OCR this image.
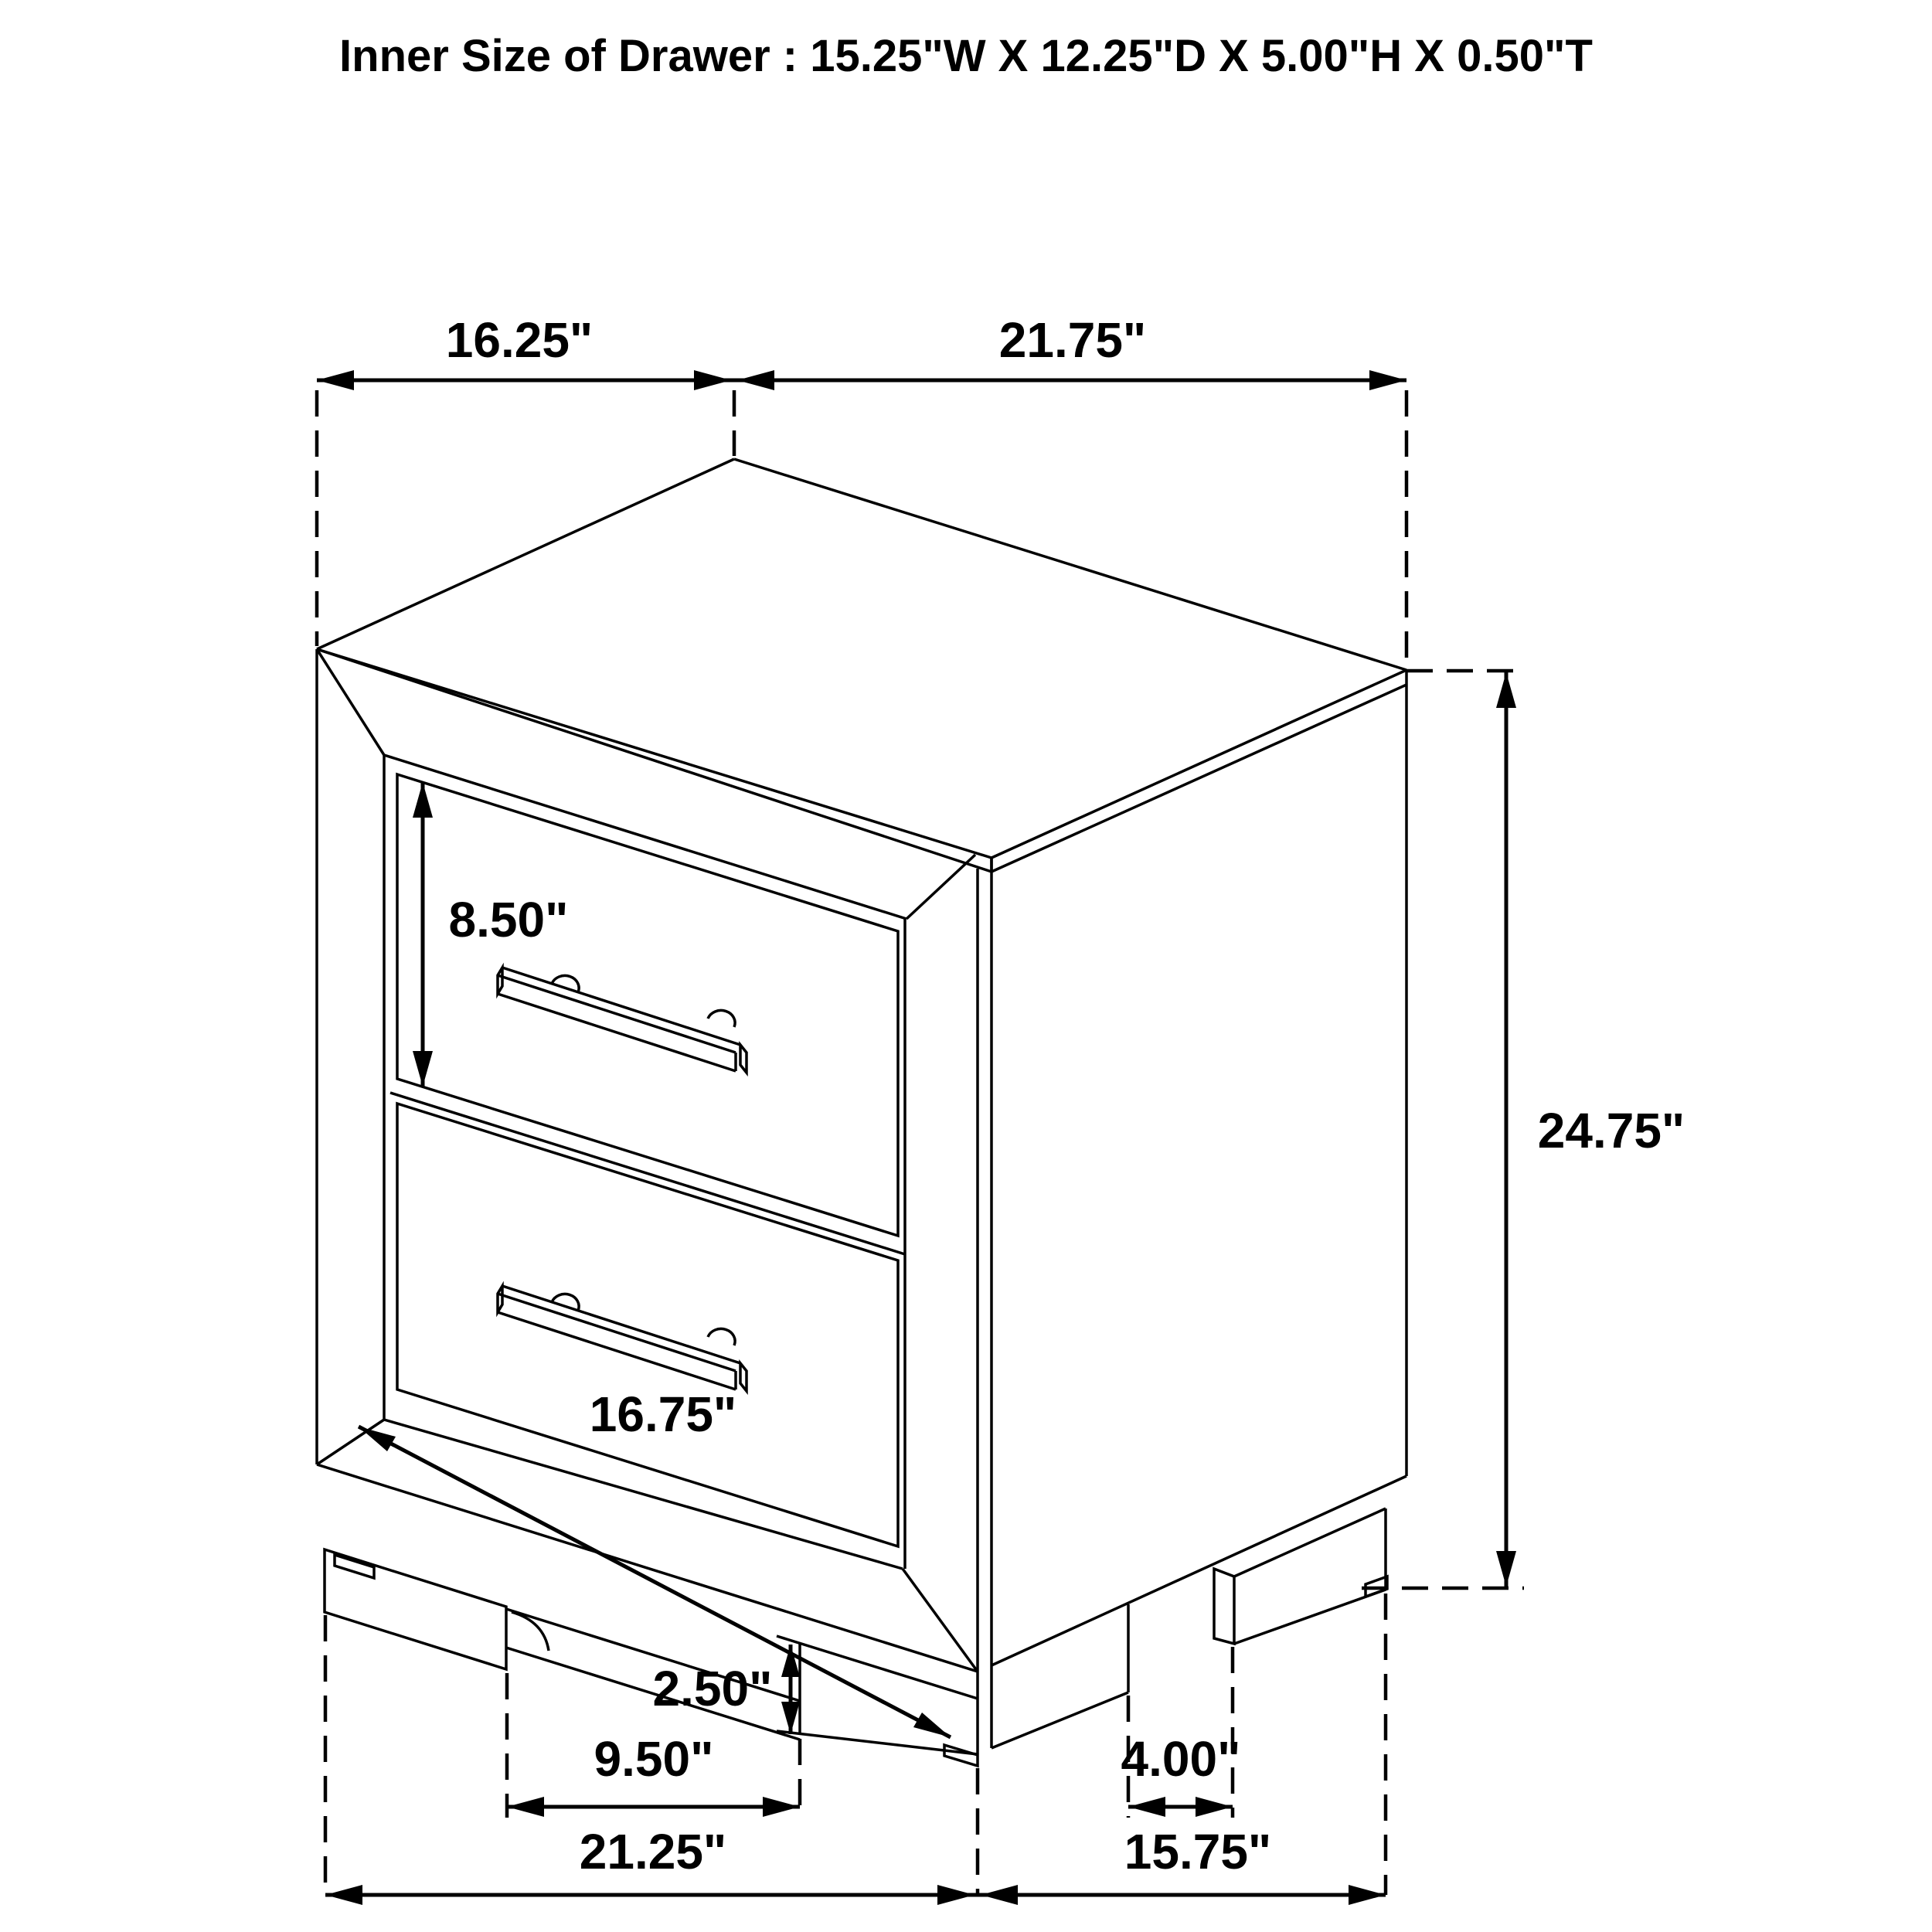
Inner Size of Drawer : 15.25"W X 12.25"D X 5.00"H X 0.50"T
16.25"	21.75"
8.50"
24.75"
16.75"
2.50"
9.50"	4.00"
21.25"	15.75"
